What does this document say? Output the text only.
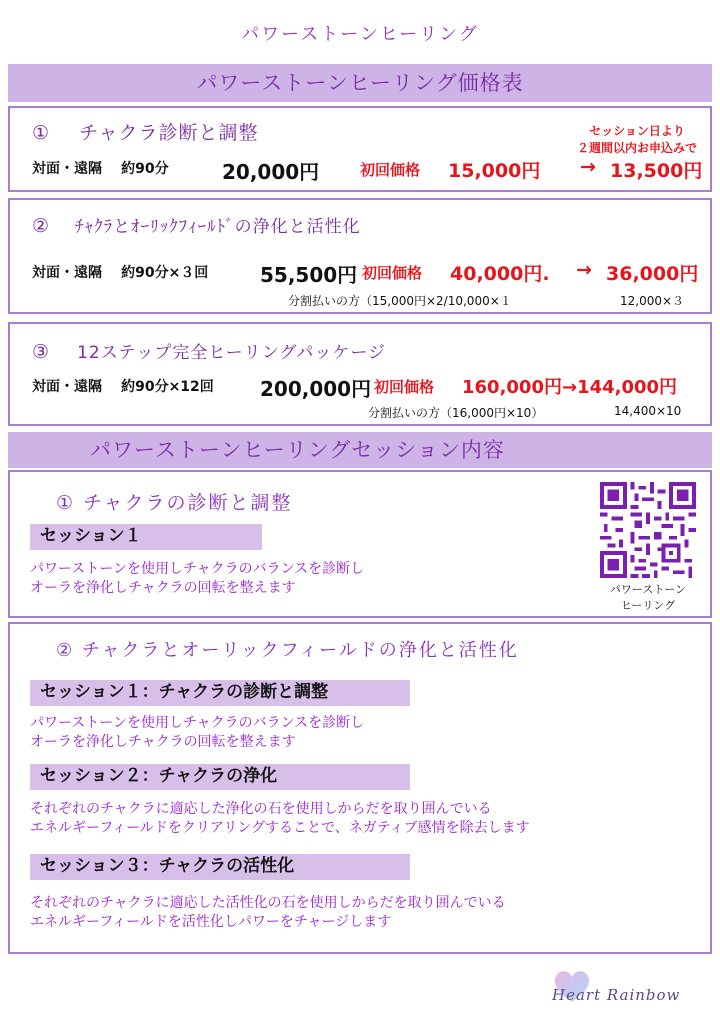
パワーストーンヒーリング
パワーストーンヒーリング価格表
① チャクラ診断と調整	セッション日より
２週間以内お申込みで
対面・遠隔 約90分	20,000円	初回価格 15,000円 → 13,500円
② ﾁｬｸﾗとｵｰﾘｯｸﾌｨｰﾙﾄﾞの浄化と活性化
対面・遠隔 約90分×３回	55,500円 初回価格 40,000円. → 36,000円
分割払いの方（15,000円×2/10,000×１	12,000×３
③ 12ステップ完全ヒーリングパッケージ
対面・遠隔 約90分×12回 200,000円 初回価格 160,000円→144,000円
分割払いの方（16,000円×10）	14,400×10
パワーストーンヒーリングセッション内容
① チャクラの診断と調整
セッション１
パワーストーンを使用しチャクラのバランスを診断し
オーラを浄化しチャクラの回転を整えます	パワーストーン
ヒーリング
② チャクラとオーリックフィールドの浄化と活性化
セッション１：チャクラの診断と調整
パワーストーンを使用しチャクラのバランスを診断し
オーラを浄化しチャクラの回転を整えます
セッション２：チャクラの浄化
それぞれのチャクラに適応した浄化の石を使用しからだを取り囲んでいる
エネルギーフィールドをクリアリングすることで、ネガティブ感情を除去します
セッション３：チャクラの活性化
それぞれのチャクラに適応した活性化の石を使用しからだを取り囲んでいる
エネルギーフィールドを活性化しパワーをチャージします
Heart Rainbow
